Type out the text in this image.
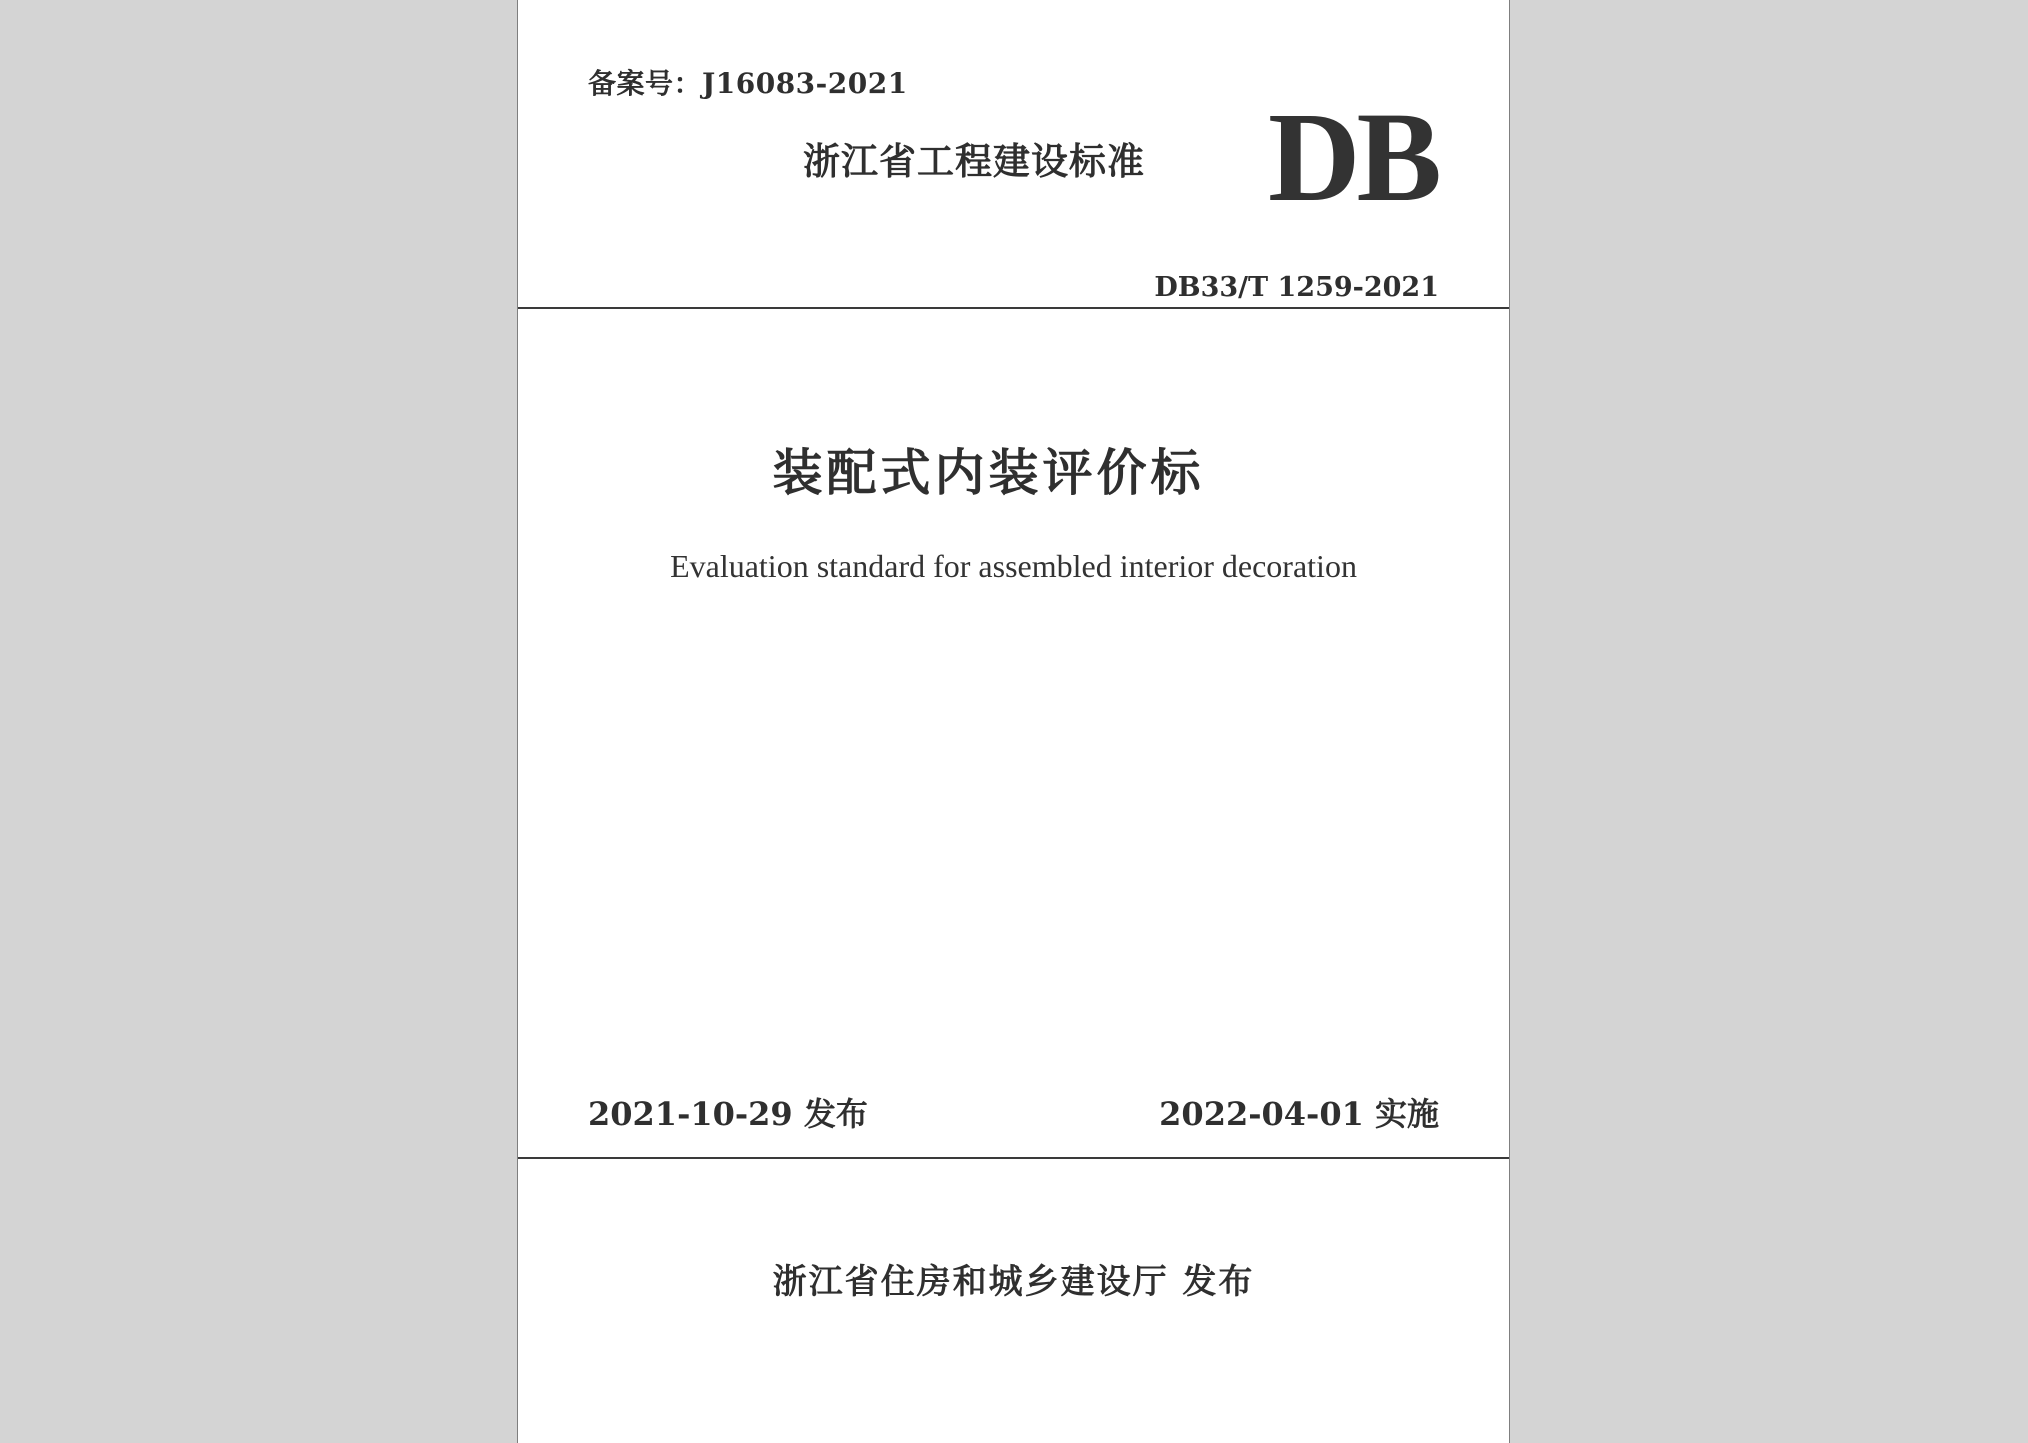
备案号：J16083-2021
浙江省工程建设标准 DB
DB33/T 1259-2021
装配式内装评价标
Evaluation standard for assembled interior decoration
2021-10-29 发布	2022-04-01 实施
浙江省住房和城乡建设厅 发布
